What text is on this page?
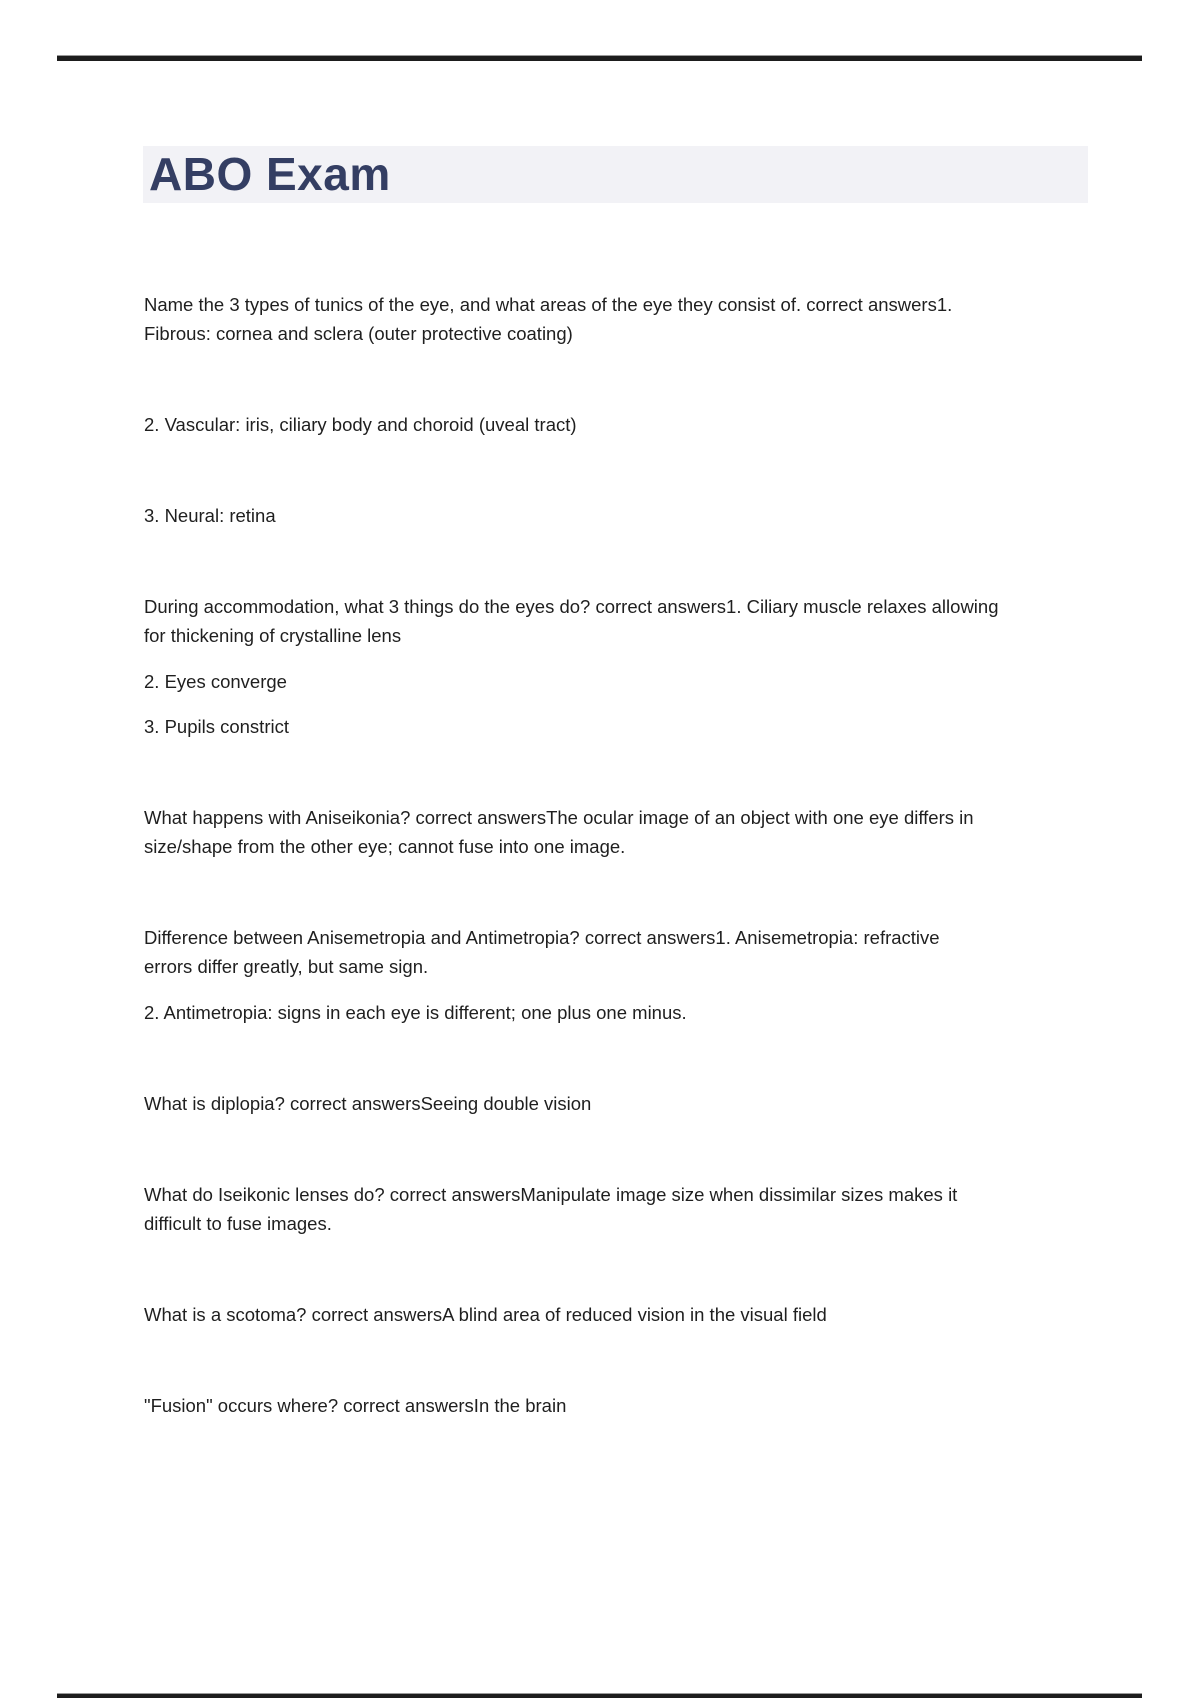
ABO Exam
Name the 3 types of tunics of the eye, and what areas of the eye they consist of. correct answers1.
Fibrous: cornea and sclera (outer protective coating)
2. Vascular: iris, ciliary body and choroid (uveal tract)
3. Neural: retina
During accommodation, what 3 things do the eyes do? correct answers1. Ciliary muscle relaxes allowing
for thickening of crystalline lens
2. Eyes converge
3. Pupils constrict
What happens with Aniseikonia? correct answersThe ocular image of an object with one eye differs in
size/shape from the other eye; cannot fuse into one image.
Difference between Anisemetropia and Antimetropia? correct answers1. Anisemetropia: refractive
errors differ greatly, but same sign.
2. Antimetropia: signs in each eye is different; one plus one minus.
What is diplopia? correct answersSeeing double vision
What do Iseikonic lenses do? correct answersManipulate image size when dissimilar sizes makes it
difficult to fuse images.
What is a scotoma? correct answersA blind area of reduced vision in the visual field
"Fusion" occurs where? correct answersIn the brain
